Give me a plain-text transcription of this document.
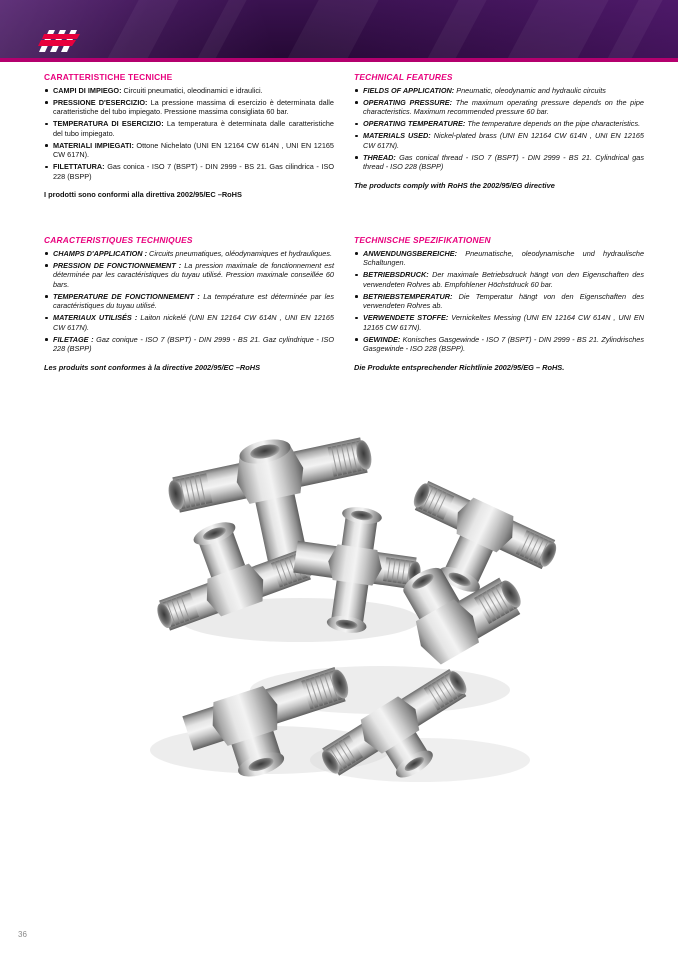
CARATTERISTICHE TECNICHE
CAMPI DI IMPIEGO: Circuiti pneumatici, oleodinamici e idraulici.
PRESSIONE D'ESERCIZIO: La pressione massima di esercizio è determinata dalle caratteristiche del tubo impiegato. Pressione massima consigliata 60 bar.
TEMPERATURA DI ESERCIZIO: La temperatura è determinata dalle caratteristiche del tubo impiegato.
MATERIALI IMPIEGATI: Ottone Nichelato (UNI EN 12164 CW 614N , UNI EN 12165 CW 617N).
FILETTATURA: Gas conica - ISO 7 (BSPT) - DIN 2999 - BS 21. Gas cilindrica - ISO 228 (BSPP)
I prodotti sono conformi alla direttiva 2002/95/EC –RoHS
TECHNICAL FEATURES
FIELDS OF APPLICATION: Pneumatic, oleodynamic and hydraulic circuits
OPERATING PRESSURE: The maximum operating pressure depends on the pipe characteristics. Maximum recommended pressure 60 bar.
OPERATING TEMPERATURE: The temperature depends on the pipe characteristics.
MATERIALS USED: Nickel-plated brass (UNI EN 12164 CW 614N , UNI EN 12165 CW 617N).
THREAD: Gas conical thread - ISO 7 (BSPT) - DIN 2999 - BS 21. Cylindrical gas thread - ISO 228 (BSPP)
The products comply with RoHS the 2002/95/EG directive
CARACTERISTIQUES TECHNIQUES
CHAMPS D'APPLICATION : Circuits pneumatiques, oléodynamiques et hydrauliques.
PRESSION DE FONCTIONNEMENT : La pression maximale de fonctionnement est déterminée par les caractéristiques du tuyau utilisé. Pression maximale conseillée 60 bars.
TEMPERATURE DE FONCTIONNEMENT : La température est déterminée par les caractéristiques du tuyau utilisé.
MATERIAUX UTILISÉS : Laiton nickelé (UNI EN 12164 CW 614N , UNI EN 12165 CW 617N).
FILETAGE : Gaz conique - ISO 7 (BSPT) - DIN 2999 - BS 21. Gaz cylindrique - ISO 228 (BSPP)
Les produits sont conformes à la directive 2002/95/EC –RoHS
TECHNISCHE SPEZIFIKATIONEN
ANWENDUNGSBEREICHE: Pneumatische, oleodynamische und hydraulische Schaltungen.
BETRIEBSDRUCK: Der maximale Betriebsdruck hängt von den Eigenschaften des verwendeten Rohres ab. Empfohlener Höchstdruck 60 bar.
BETRIEBSTEMPERATUR: Die Temperatur hängt von den Eigenschaften des verwendeten Rohres ab.
VERWENDETE STOFFE: Vernickeltes Messing (UNI EN 12164 CW 614N , UNI EN 12165 CW 617N).
GEWINDE: Konisches Gasgewinde - ISO 7 (BSPT) - DIN 2999 - BS 21. Zylindrisches Gasgewinde - ISO 228 (BSPP).
Die Produkte entsprechender Richtlinie 2002/95/EG – RoHS.
36
